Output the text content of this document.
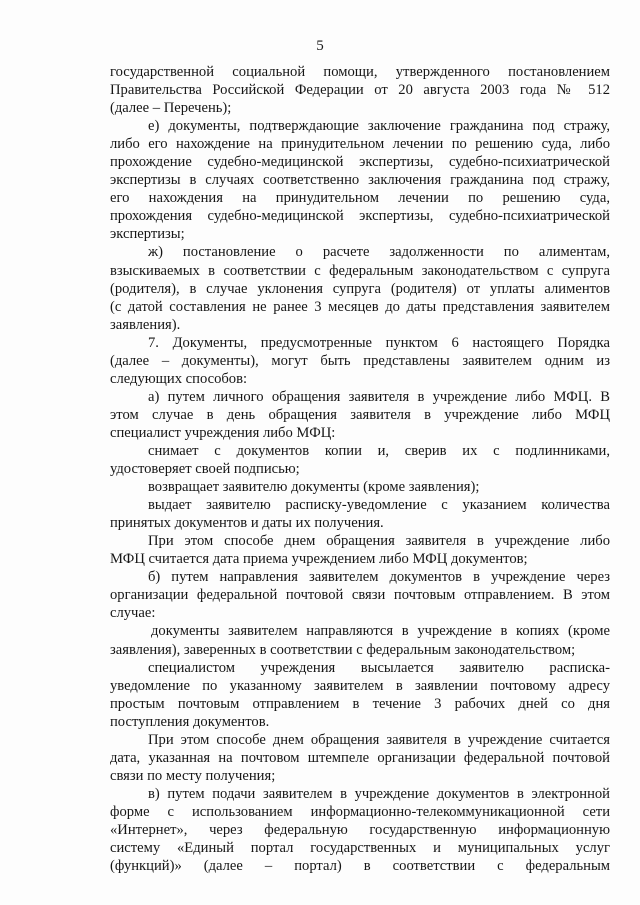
5
государственной социальной помощи, утвержденного постановлением
Правительства Российской Федерации от 20 августа 2003 года № 512
(далее – Перечень);
е) документы, подтверждающие заключение гражданина под стражу,
либо его нахождение на принудительном лечении по решению суда, либо
прохождение судебно-медицинской экспертизы, судебно-психиатрической
экспертизы в случаях соответственно заключения гражданина под стражу,
его нахождения на принудительном лечении по решению суда,
прохождения судебно-медицинской экспертизы, судебно-психиатрической
экспертизы;
ж) постановление о расчете задолженности по алиментам,
взыскиваемых в соответствии с федеральным законодательством с супруга
(родителя), в случае уклонения супруга (родителя) от уплаты алиментов
(с датой составления не ранее 3 месяцев до даты представления заявителем
заявления).
7. Документы, предусмотренные пунктом 6 настоящего Порядка
(далее – документы), могут быть представлены заявителем одним из
следующих способов:
а) путем личного обращения заявителя в учреждение либо МФЦ. В
этом случае в день обращения заявителя в учреждение либо МФЦ
специалист учреждения либо МФЦ:
снимает с документов копии и, сверив их с подлинниками,
удостоверяет своей подписью;
возвращает заявителю документы (кроме заявления);
выдает заявителю расписку-уведомление с указанием количества
принятых документов и даты их получения.
При этом способе днем обращения заявителя в учреждение либо
МФЦ считается дата приема учреждением либо МФЦ документов;
б) путем направления заявителем документов в учреждение через
организации федеральной почтовой связи почтовым отправлением. В этом
случае:
документы заявителем направляются в учреждение в копиях (кроме
заявления), заверенных в соответствии с федеральным законодательством;
специалистом учреждения высылается заявителю расписка-
уведомление по указанному заявителем в заявлении почтовому адресу
простым почтовым отправлением в течение 3 рабочих дней со дня
поступления документов.
При этом способе днем обращения заявителя в учреждение считается
дата, указанная на почтовом штемпеле организации федеральной почтовой
связи по месту получения;
в) путем подачи заявителем в учреждение документов в электронной
форме с использованием информационно-телекоммуникационной сети
«Интернет», через федеральную государственную информационную
систему «Единый портал государственных и муниципальных услуг
(функций)» (далее – портал) в соответствии с федеральным
